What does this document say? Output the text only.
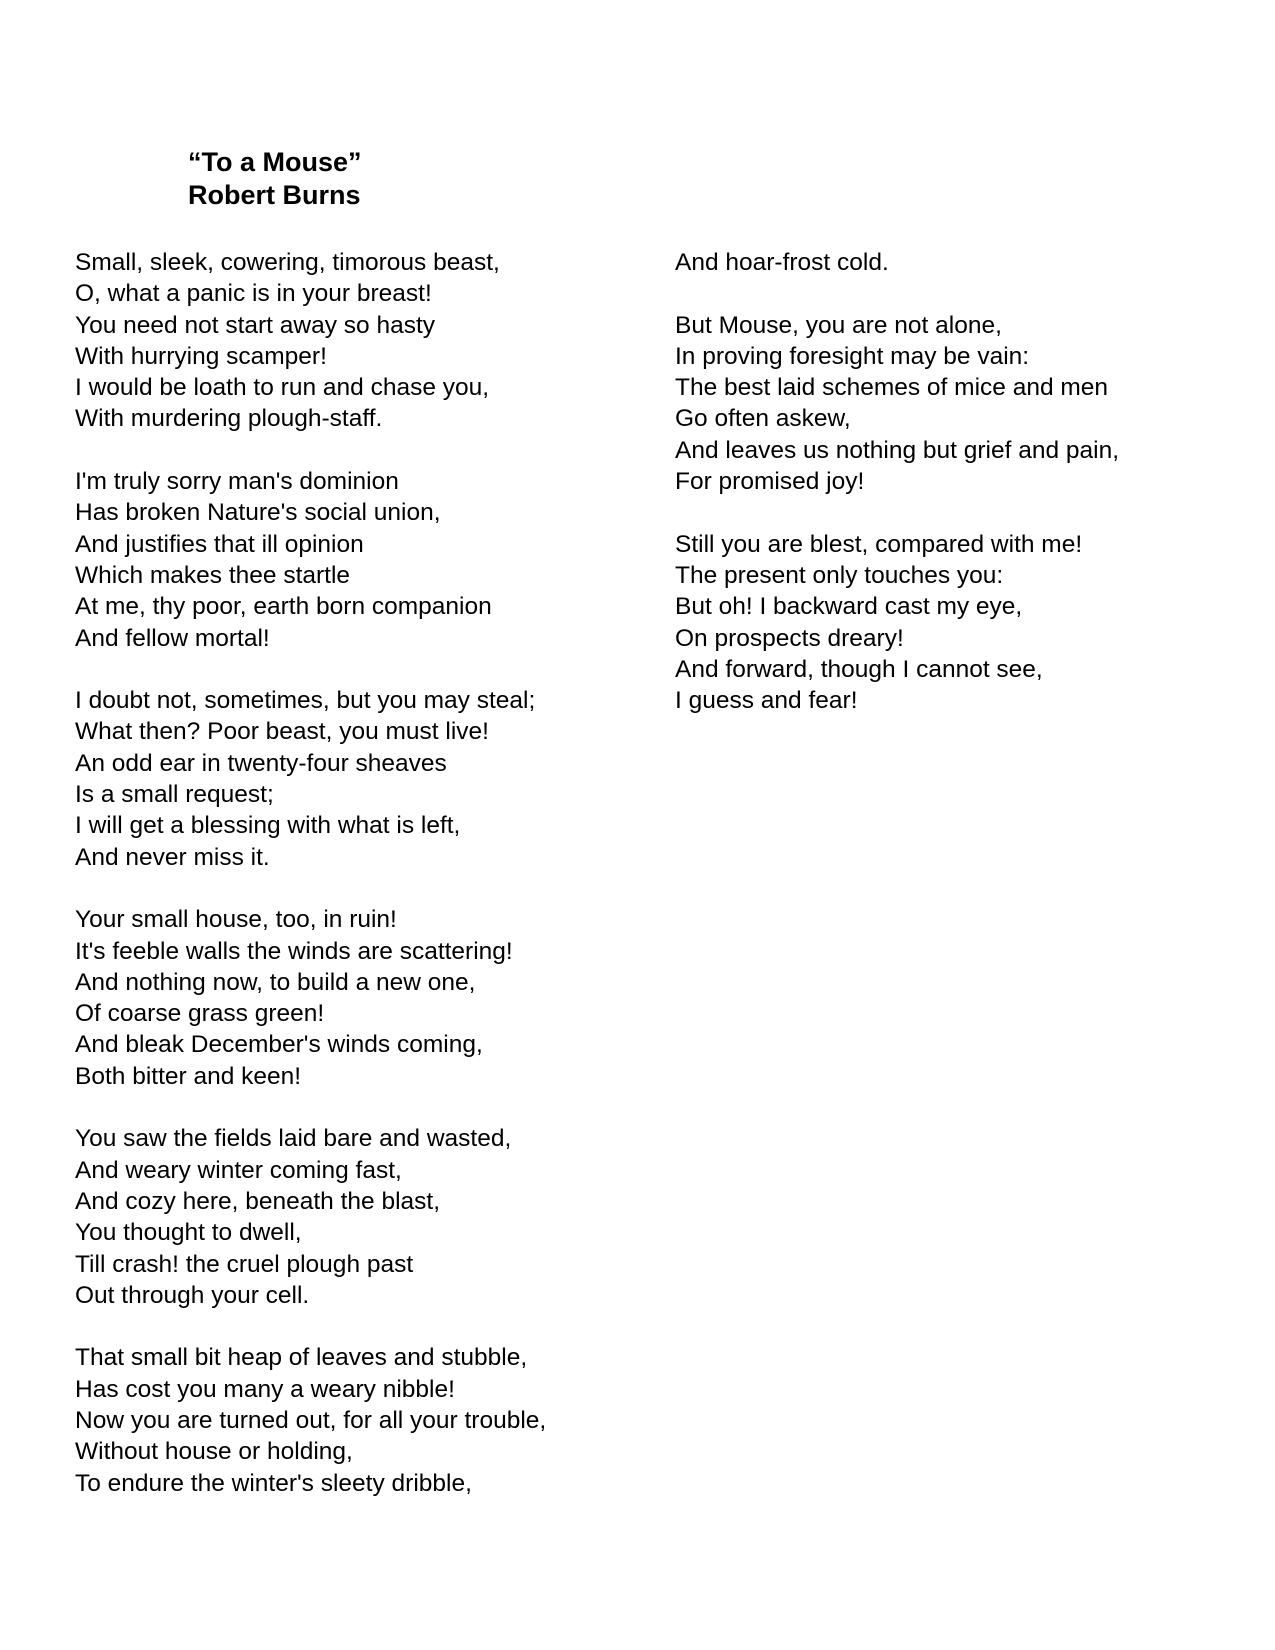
“To a Mouse”
Robert Burns
Small, sleek, cowering, timorous beast,
O, what a panic is in your breast!
You need not start away so hasty
With hurrying scamper!
I would be loath to run and chase you,
With murdering plough-staff.
I'm truly sorry man's dominion
Has broken Nature's social union,
And justifies that ill opinion
Which makes thee startle
At me, thy poor, earth born companion
And fellow mortal!
I doubt not, sometimes, but you may steal;
What then? Poor beast, you must live!
An odd ear in twenty-four sheaves
Is a small request;
I will get a blessing with what is left,
And never miss it.
Your small house, too, in ruin!
It's feeble walls the winds are scattering!
And nothing now, to build a new one,
Of coarse grass green!
And bleak December's winds coming,
Both bitter and keen!
You saw the fields laid bare and wasted,
And weary winter coming fast,
And cozy here, beneath the blast,
You thought to dwell,
Till crash! the cruel plough past
Out through your cell.
That small bit heap of leaves and stubble,
Has cost you many a weary nibble!
Now you are turned out, for all your trouble,
Without house or holding,
To endure the winter's sleety dribble,
And hoar-frost cold.
But Mouse, you are not alone,
In proving foresight may be vain:
The best laid schemes of mice and men
Go often askew,
And leaves us nothing but grief and pain,
For promised joy!
Still you are blest, compared with me!
The present only touches you:
But oh! I backward cast my eye,
On prospects dreary!
And forward, though I cannot see,
I guess and fear!
